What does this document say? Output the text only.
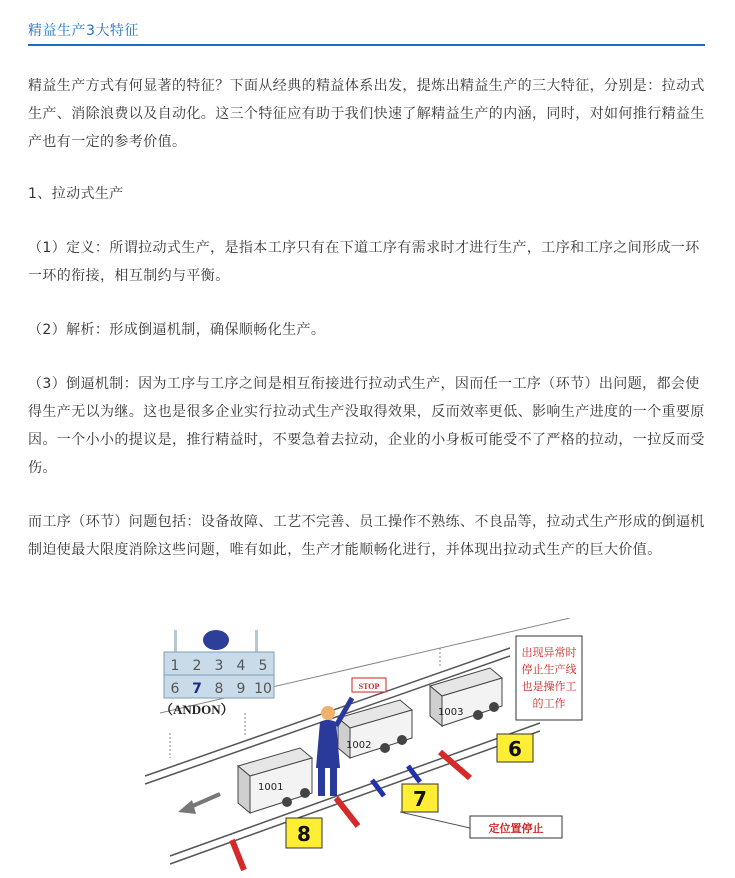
精益生产3大特征

精益生产方式有何显著的特征？下面从经典的精益体系出发，提炼出精益生产的三大特征，分别是：拉动式生产、消除浪费以及自动化。这三个特征应有助于我们快速了解精益生产的内涵，同时，对如何推行精益生产也有一定的参考价值。

1、拉动式生产

（1）定义：所谓拉动式生产，是指本工序只有在下道工序有需求时才进行生产，工序和工序之间形成一环一环的衔接，相互制约与平衡。

（2）解析：形成倒逼机制，确保顺畅化生产。

（3）倒逼机制：因为工序与工序之间是相互衔接进行拉动式生产，因而任一工序（环节）出问题，都会使得生产无以为继。这也是很多企业实行拉动式生产没取得效果，反而效率更低、影响生产进度的一个重要原因。一个小小的提议是，推行精益时，不要急着去拉动，企业的小身板可能受不了严格的拉动，一拉反而受伤。

而工序（环节）问题包括：设备故障、工艺不完善、员工操作不熟练、不良品等，拉动式生产形成的倒逼机制迫使最大限度消除这些问题，唯有如此，生产才能顺畅化进行，并体现出拉动式生产的巨大价值。

1 2 3 4 5
6 7 8 9 10
（ANDON）
STOP
1001
1002
1003
6
7
8
出现异常时停止生产线也是操作工的工作
定位置停止
